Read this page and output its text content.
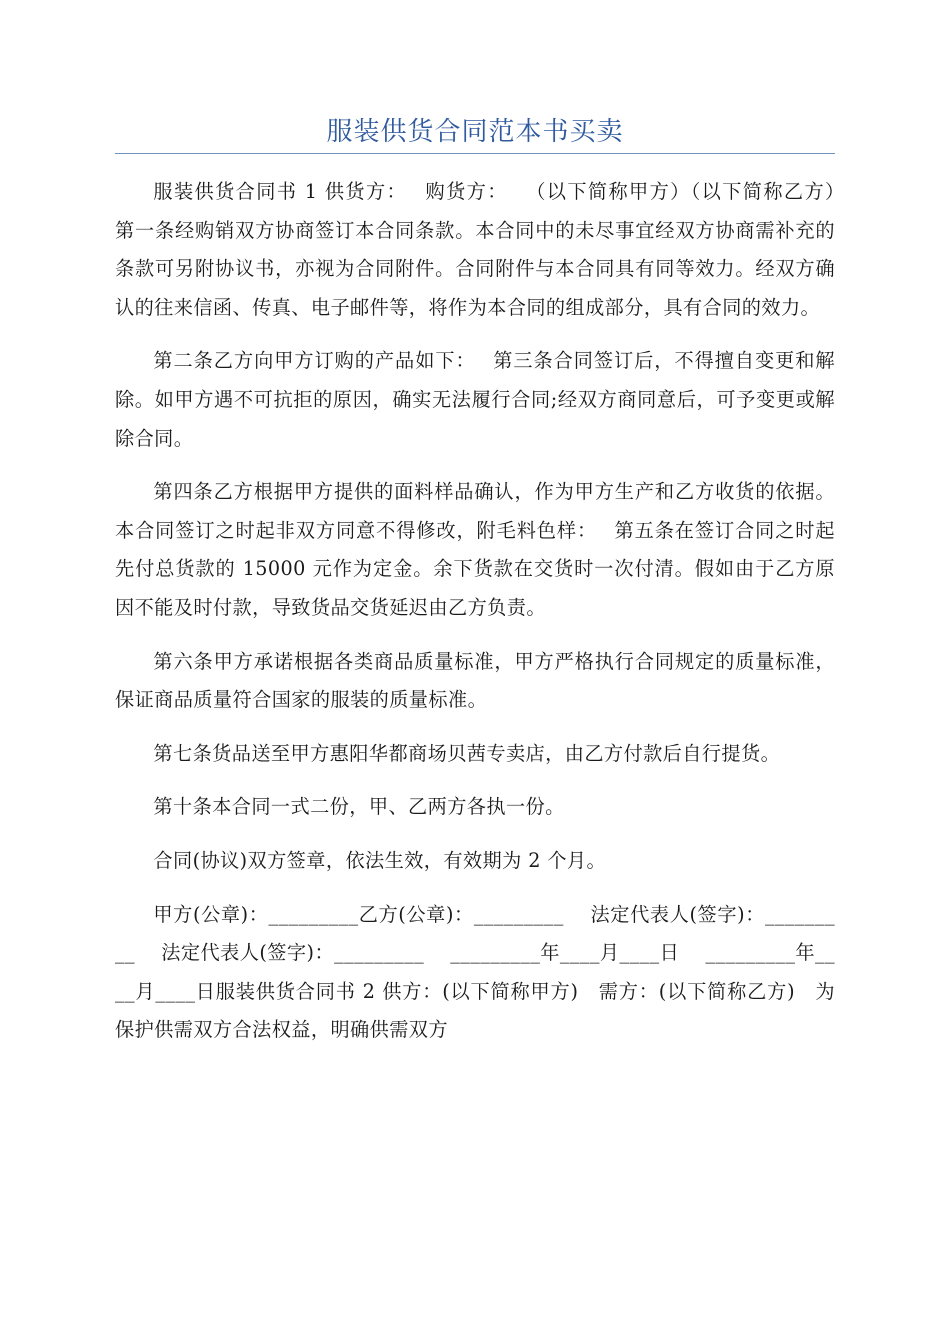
服装供货合同范本书买卖

服装供货合同书 1 供货方：　 购货方：　 （以下简称甲方）（以下简称乙方）　第一条经购销双方协商签订本合同条款。本合同中的未尽事宜经双方协商需补充的条款可另附协议书，亦视为合同附件。合同附件与本合同具有同等效力。经双方确认的往来信函、传真、电子邮件等，将作为本合同的组成部分，具有合同的效力。

第二条乙方向甲方订购的产品如下：　 第三条合同签订后，不得擅自变更和解除。如甲方遇不可抗拒的原因，确实无法履行合同;经双方商同意后，可予变更或解除合同。

第四条乙方根据甲方提供的面料样品确认，作为甲方生产和乙方收货的依据。本合同签订之时起非双方同意不得修改，附毛料色样：　 第五条在签订合同之时起先付总货款的 15000 元作为定金。余下货款在交货时一次付清。假如由于乙方原因不能及时付款，导致货品交货延迟由乙方负责。

第六条甲方承诺根据各类商品质量标准，甲方严格执行合同规定的质量标准，保证商品质量符合国家的服装的质量标准。

第七条货品送至甲方惠阳华都商场贝茜专卖店，由乙方付款后自行提货。

第十条本合同一式二份，甲、乙两方各执一份。

合同(协议)双方签章，依法生效，有效期为 2 个月。

甲方(公章)：_________乙方(公章)：_________　 法定代表人(签字)：_________　 法定代表人(签字)：_________　 _________年____月____日　 _________年____月____日服装供货合同书 2 供方：(以下简称甲方)　需方：(以下简称乙方)　为保护供需双方合法权益，明确供需双方
